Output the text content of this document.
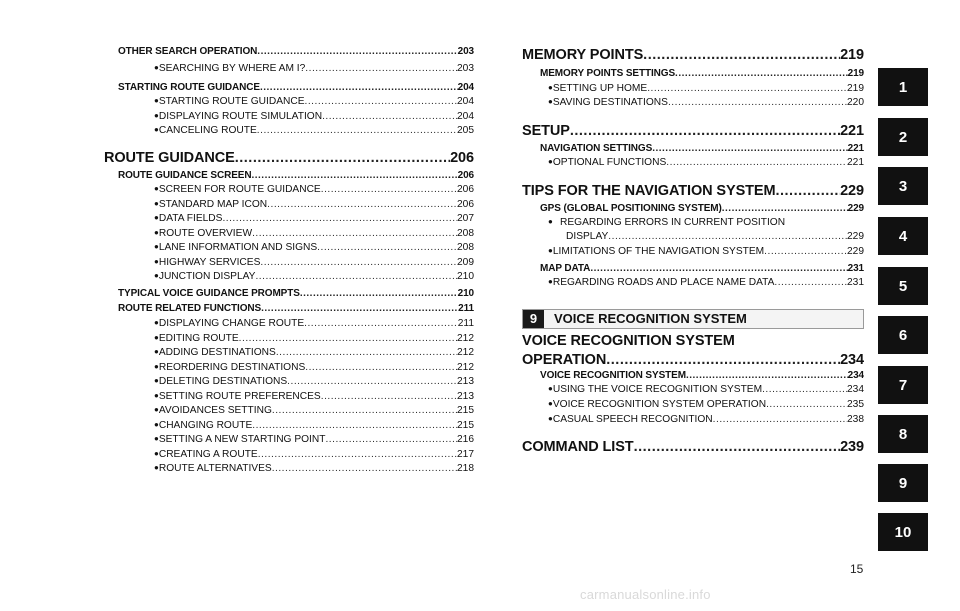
OTHER SEARCH OPERATION .....	203
● SEARCHING BY WHERE AM I? .....	203
STARTING ROUTE GUIDANCE .....	204
● STARTING ROUTE GUIDANCE .....	204
● DISPLAYING ROUTE SIMULATION .....	204
● CANCELING ROUTE .....	205
ROUTE GUIDANCE .....	206
ROUTE GUIDANCE SCREEN .....	206
● SCREEN FOR ROUTE GUIDANCE .....	206
● STANDARD MAP ICON .....	206
● DATA FIELDS .....	207
● ROUTE OVERVIEW .....	208
● LANE INFORMATION AND SIGNS .....	208
● HIGHWAY SERVICES .....	209
● JUNCTION DISPLAY .....	210
TYPICAL VOICE GUIDANCE PROMPTS .....	210
ROUTE RELATED FUNCTIONS .....	211
● DISPLAYING CHANGE ROUTE .....	211
● EDITING ROUTE .....	212
● ADDING DESTINATIONS .....	212
● REORDERING DESTINATIONS .....	212
● DELETING DESTINATIONS .....	213
● SETTING ROUTE PREFERENCES .....	213
● AVOIDANCES SETTING .....	215
● CHANGING ROUTE .....	215
● SETTING A NEW STARTING POINT .....	216
● CREATING A ROUTE .....	217
● ROUTE ALTERNATIVES .....	218
MEMORY POINTS .....	219
MEMORY POINTS SETTINGS .....	219
● SETTING UP HOME .....	219
● SAVING DESTINATIONS .....	220
SETUP .....	221
NAVIGATION SETTINGS .....	221
● OPTIONAL FUNCTIONS .....	221
TIPS FOR THE NAVIGATION SYSTEM .....	229
GPS (GLOBAL POSITIONING SYSTEM) .....	229
● REGARDING ERRORS IN CURRENT POSITION
DISPLAY .....	229
● LIMITATIONS OF THE NAVIGATION SYSTEM .....	229
MAP DATA .....	231
● REGARDING ROADS AND PLACE NAME DATA .....	231
9	VOICE RECOGNITION SYSTEM
VOICE RECOGNITION SYSTEM
OPERATION .....	234
VOICE RECOGNITION SYSTEM .....	234
● USING THE VOICE RECOGNITION SYSTEM .....	234
● VOICE RECOGNITION SYSTEM OPERATION .....	235
● CASUAL SPEECH RECOGNITION .....	238
COMMAND LIST .....	239
1
2
3
4
5
6
7
8
9
10
15
carmanualsonline.info
